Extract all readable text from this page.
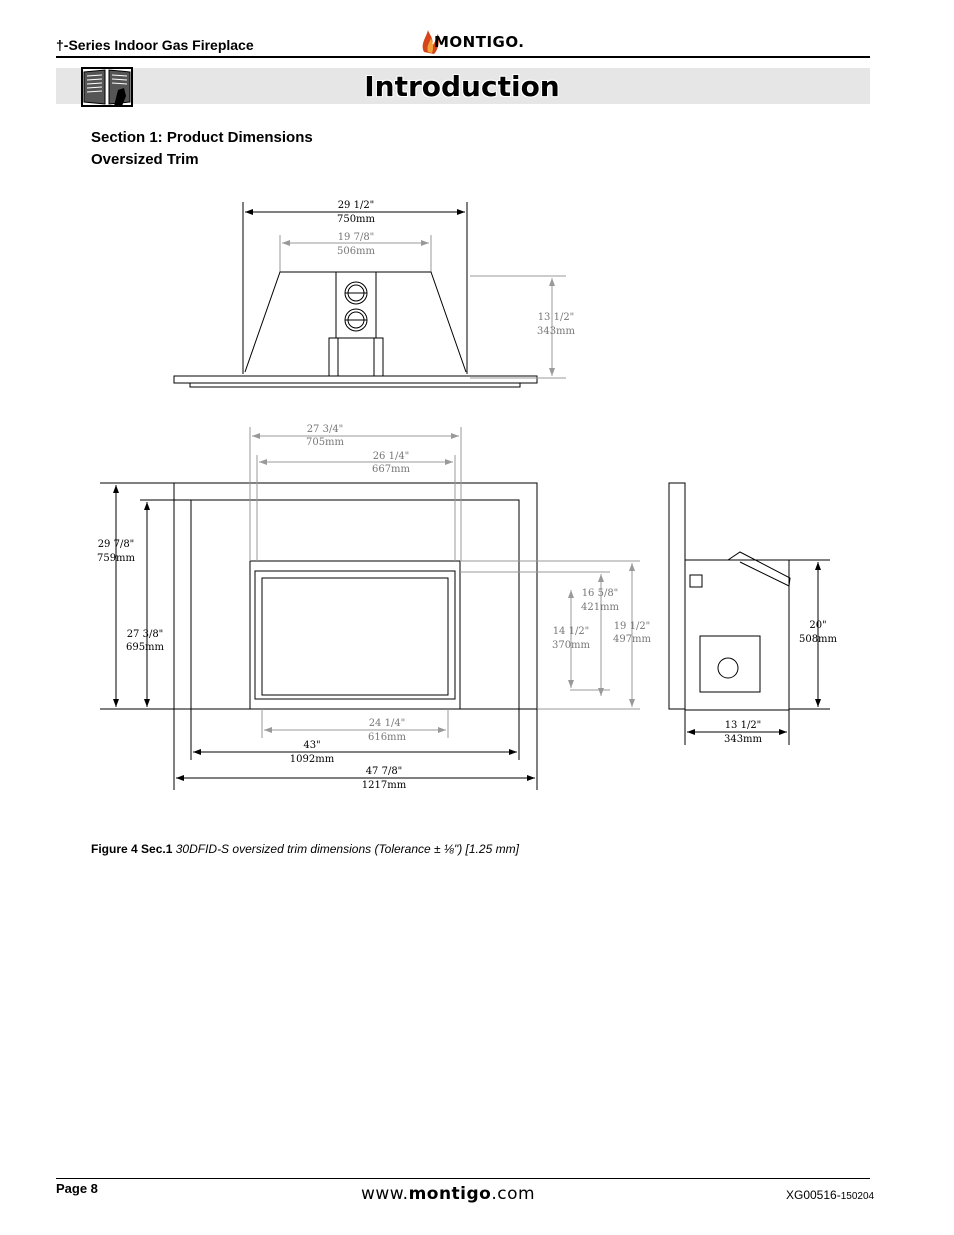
†-Series Indoor Gas Fireplace	MONTIGO.
Introduction
Section 1: Product Dimensions
Oversized Trim
29 1/2"
750mm
19 7/8"
506mm
13 1/2"
343mm
27 3/4"
705mm
26 1/4"
667mm
29 7/8"
759mm
27 3/8"
695mm
16 5/8"
421mm
14 1/2"
370mm
19 1/2"
497mm
24 1/4"
616mm
43"
1092mm
47 7/8"
1217mm
20"
508mm
13 1/2"
343mm
Figure 4 Sec.1 30DFID-S oversized trim dimensions (Tolerance ± ⅛") [1.25 mm]
Page 8	www.montigo.com	XG00516-150204
